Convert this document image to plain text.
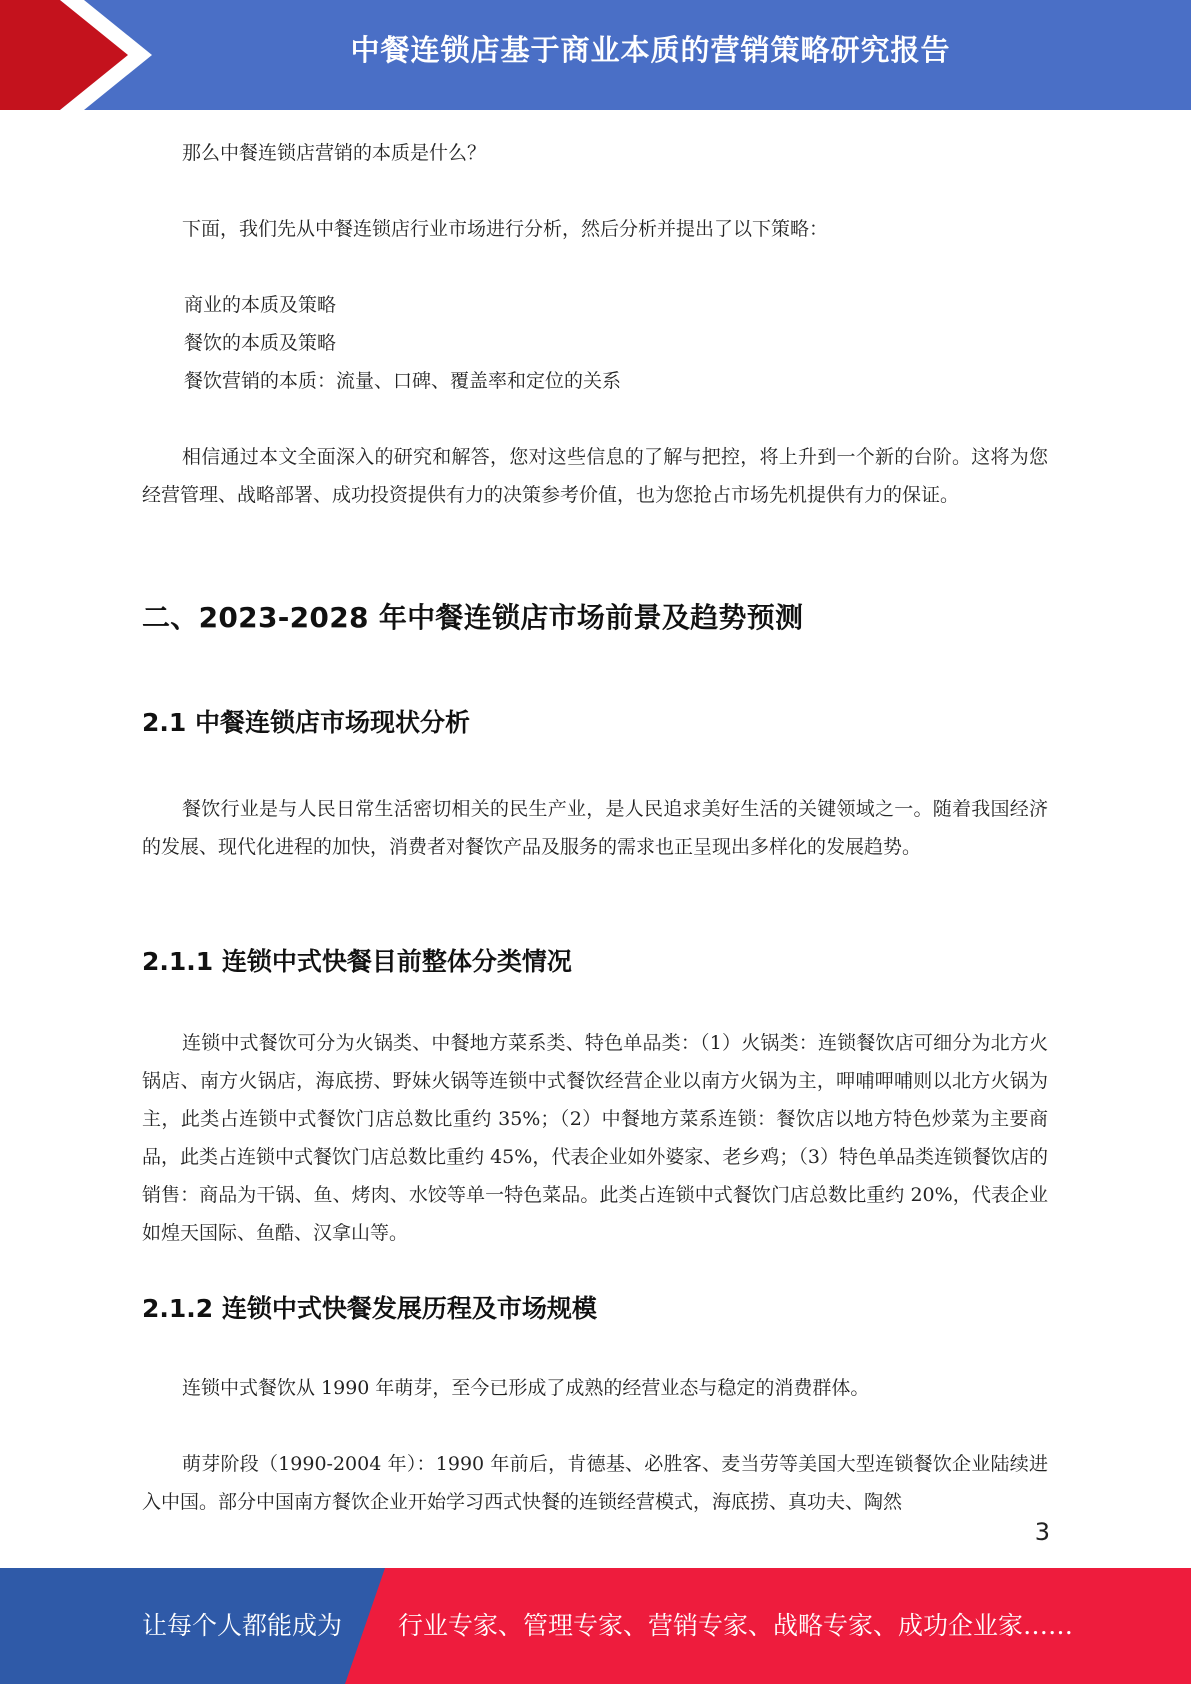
中餐连锁店基于商业本质的营销策略研究报告

那么中餐连锁店营销的本质是什么？

下面，我们先从中餐连锁店行业市场进行分析，然后分析并提出了以下策略：

商业的本质及策略
餐饮的本质及策略
餐饮营销的本质：流量、口碑、覆盖率和定位的关系

相信通过本文全面深入的研究和解答，您对这些信息的了解与把控，将上升到一个新的台阶。这将为您经营管理、战略部署、成功投资提供有力的决策参考价值，也为您抢占市场先机提供有力的保证。

二、2023-2028 年中餐连锁店市场前景及趋势预测
2.1 中餐连锁店市场现状分析

餐饮行业是与人民日常生活密切相关的民生产业，是人民追求美好生活的关键领域之一。随着我国经济的发展、现代化进程的加快，消费者对餐饮产品及服务的需求也正呈现出多样化的发展趋势。

2.1.1 连锁中式快餐目前整体分类情况

连锁中式餐饮可分为火锅类、中餐地方菜系类、特色单品类：（1）火锅类：连锁餐饮店可细分为北方火锅店、南方火锅店，海底捞、野妹火锅等连锁中式餐饮经营企业以南方火锅为主，呷哺呷哺则以北方火锅为主，此类占连锁中式餐饮门店总数比重约 35%；（2）中餐地方菜系连锁：餐饮店以地方特色炒菜为主要商品，此类占连锁中式餐饮门店总数比重约 45%，代表企业如外婆家、老乡鸡；（3）特色单品类连锁餐饮店的销售：商品为干锅、鱼、烤肉、水饺等单一特色菜品。此类占连锁中式餐饮门店总数比重约 20%，代表企业如煌天国际、鱼酷、汉拿山等。

2.1.2 连锁中式快餐发展历程及市场规模

连锁中式餐饮从 1990 年萌芽，至今已形成了成熟的经营业态与稳定的消费群体。

萌芽阶段（1990-2004 年）：1990 年前后，肯德基、必胜客、麦当劳等美国大型连锁餐饮企业陆续进入中国。部分中国南方餐饮企业开始学习西式快餐的连锁经营模式，海底捞、真功夫、陶然

3
让每个人都能成为 行业专家、管理专家、营销专家、战略专家、成功企业家……
